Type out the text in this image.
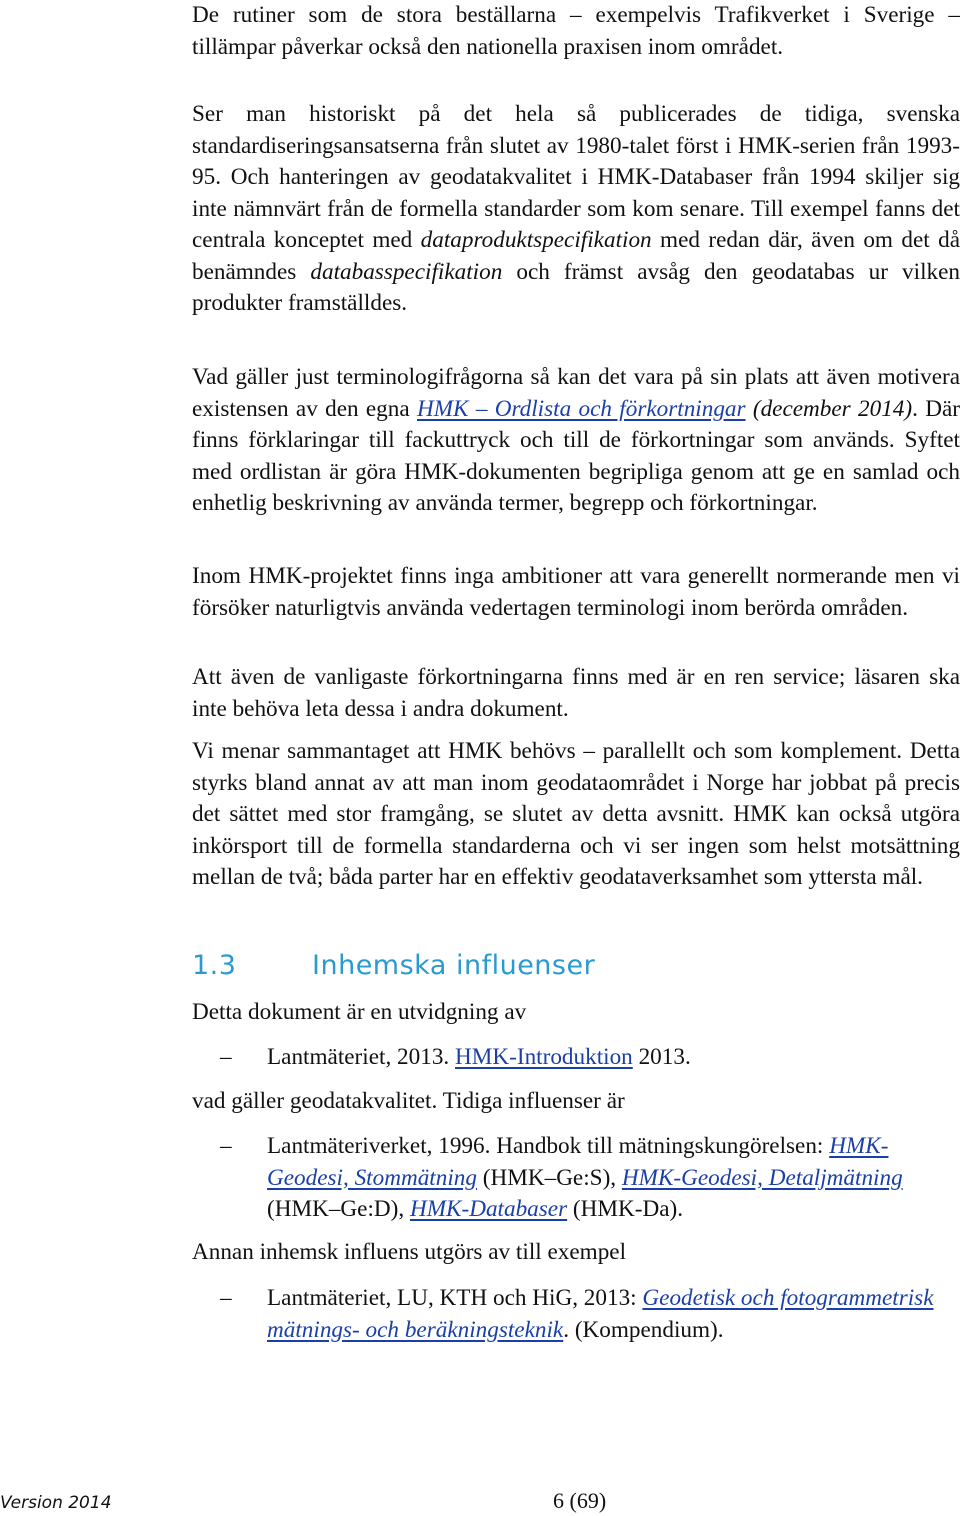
De rutiner som de stora beställarna – exempelvis Trafikverket i Sverige – tillämpar påverkar också den nationella praxisen inom området.

Ser man historiskt på det hela så publicerades de tidiga, svenska standardiseringsansatserna från slutet av 1980-talet först i HMK-serien från 1993-95. Och hanteringen av geodatakvalitet i HMK-Databaser från 1994 skiljer sig inte nämnvärt från de formella standarder som kom senare. Till exempel fanns det centrala konceptet med dataproduktspecifikation med redan där, även om det då benämndes databasspecifikation och främst avsåg den geodatabas ur vilken produkter framställdes.

Vad gäller just terminologifrågorna så kan det vara på sin plats att även motivera existensen av den egna HMK – Ordlista och förkortningar (december 2014). Där finns förklaringar till fackuttryck och till de förkortningar som används. Syftet med ordlistan är göra HMK-dokumenten begripliga genom att ge en samlad och enhetlig beskrivning av använda termer, begrepp och förkortningar.

Inom HMK-projektet finns inga ambitioner att vara generellt normerande men vi försöker naturligtvis använda vedertagen terminologi inom berörda områden.

Att även de vanligaste förkortningarna finns med är en ren service; läsaren ska inte behöva leta dessa i andra dokument.

Vi menar sammantaget att HMK behövs – parallellt och som komplement. Detta styrks bland annat av att man inom geodataområdet i Norge har jobbat på precis det sättet med stor framgång, se slutet av detta avsnitt. HMK kan också utgöra inkörsport till de formella standarderna och vi ser ingen som helst motsättning mellan de två; båda parter har en effektiv geodataverksamhet som yttersta mål.

1.3	Inhemska influenser
Detta dokument är en utvidgning av
– Lantmäteriet, 2013. HMK-Introduktion 2013.
vad gäller geodatakvalitet. Tidiga influenser är
– Lantmäteriverket, 1996. Handbok till mätningskungörelsen: HMK-Geodesi, Stommätning (HMK–Ge:S), HMK-Geodesi, Detaljmätning (HMK–Ge:D), HMK-Databaser (HMK-Da).
Annan inhemsk influens utgörs av till exempel
– Lantmäteriet, LU, KTH och HiG, 2013: Geodetisk och fotogrammetrisk mätnings- och beräkningsteknik. (Kompendium).
Version 2014	6 (69)
